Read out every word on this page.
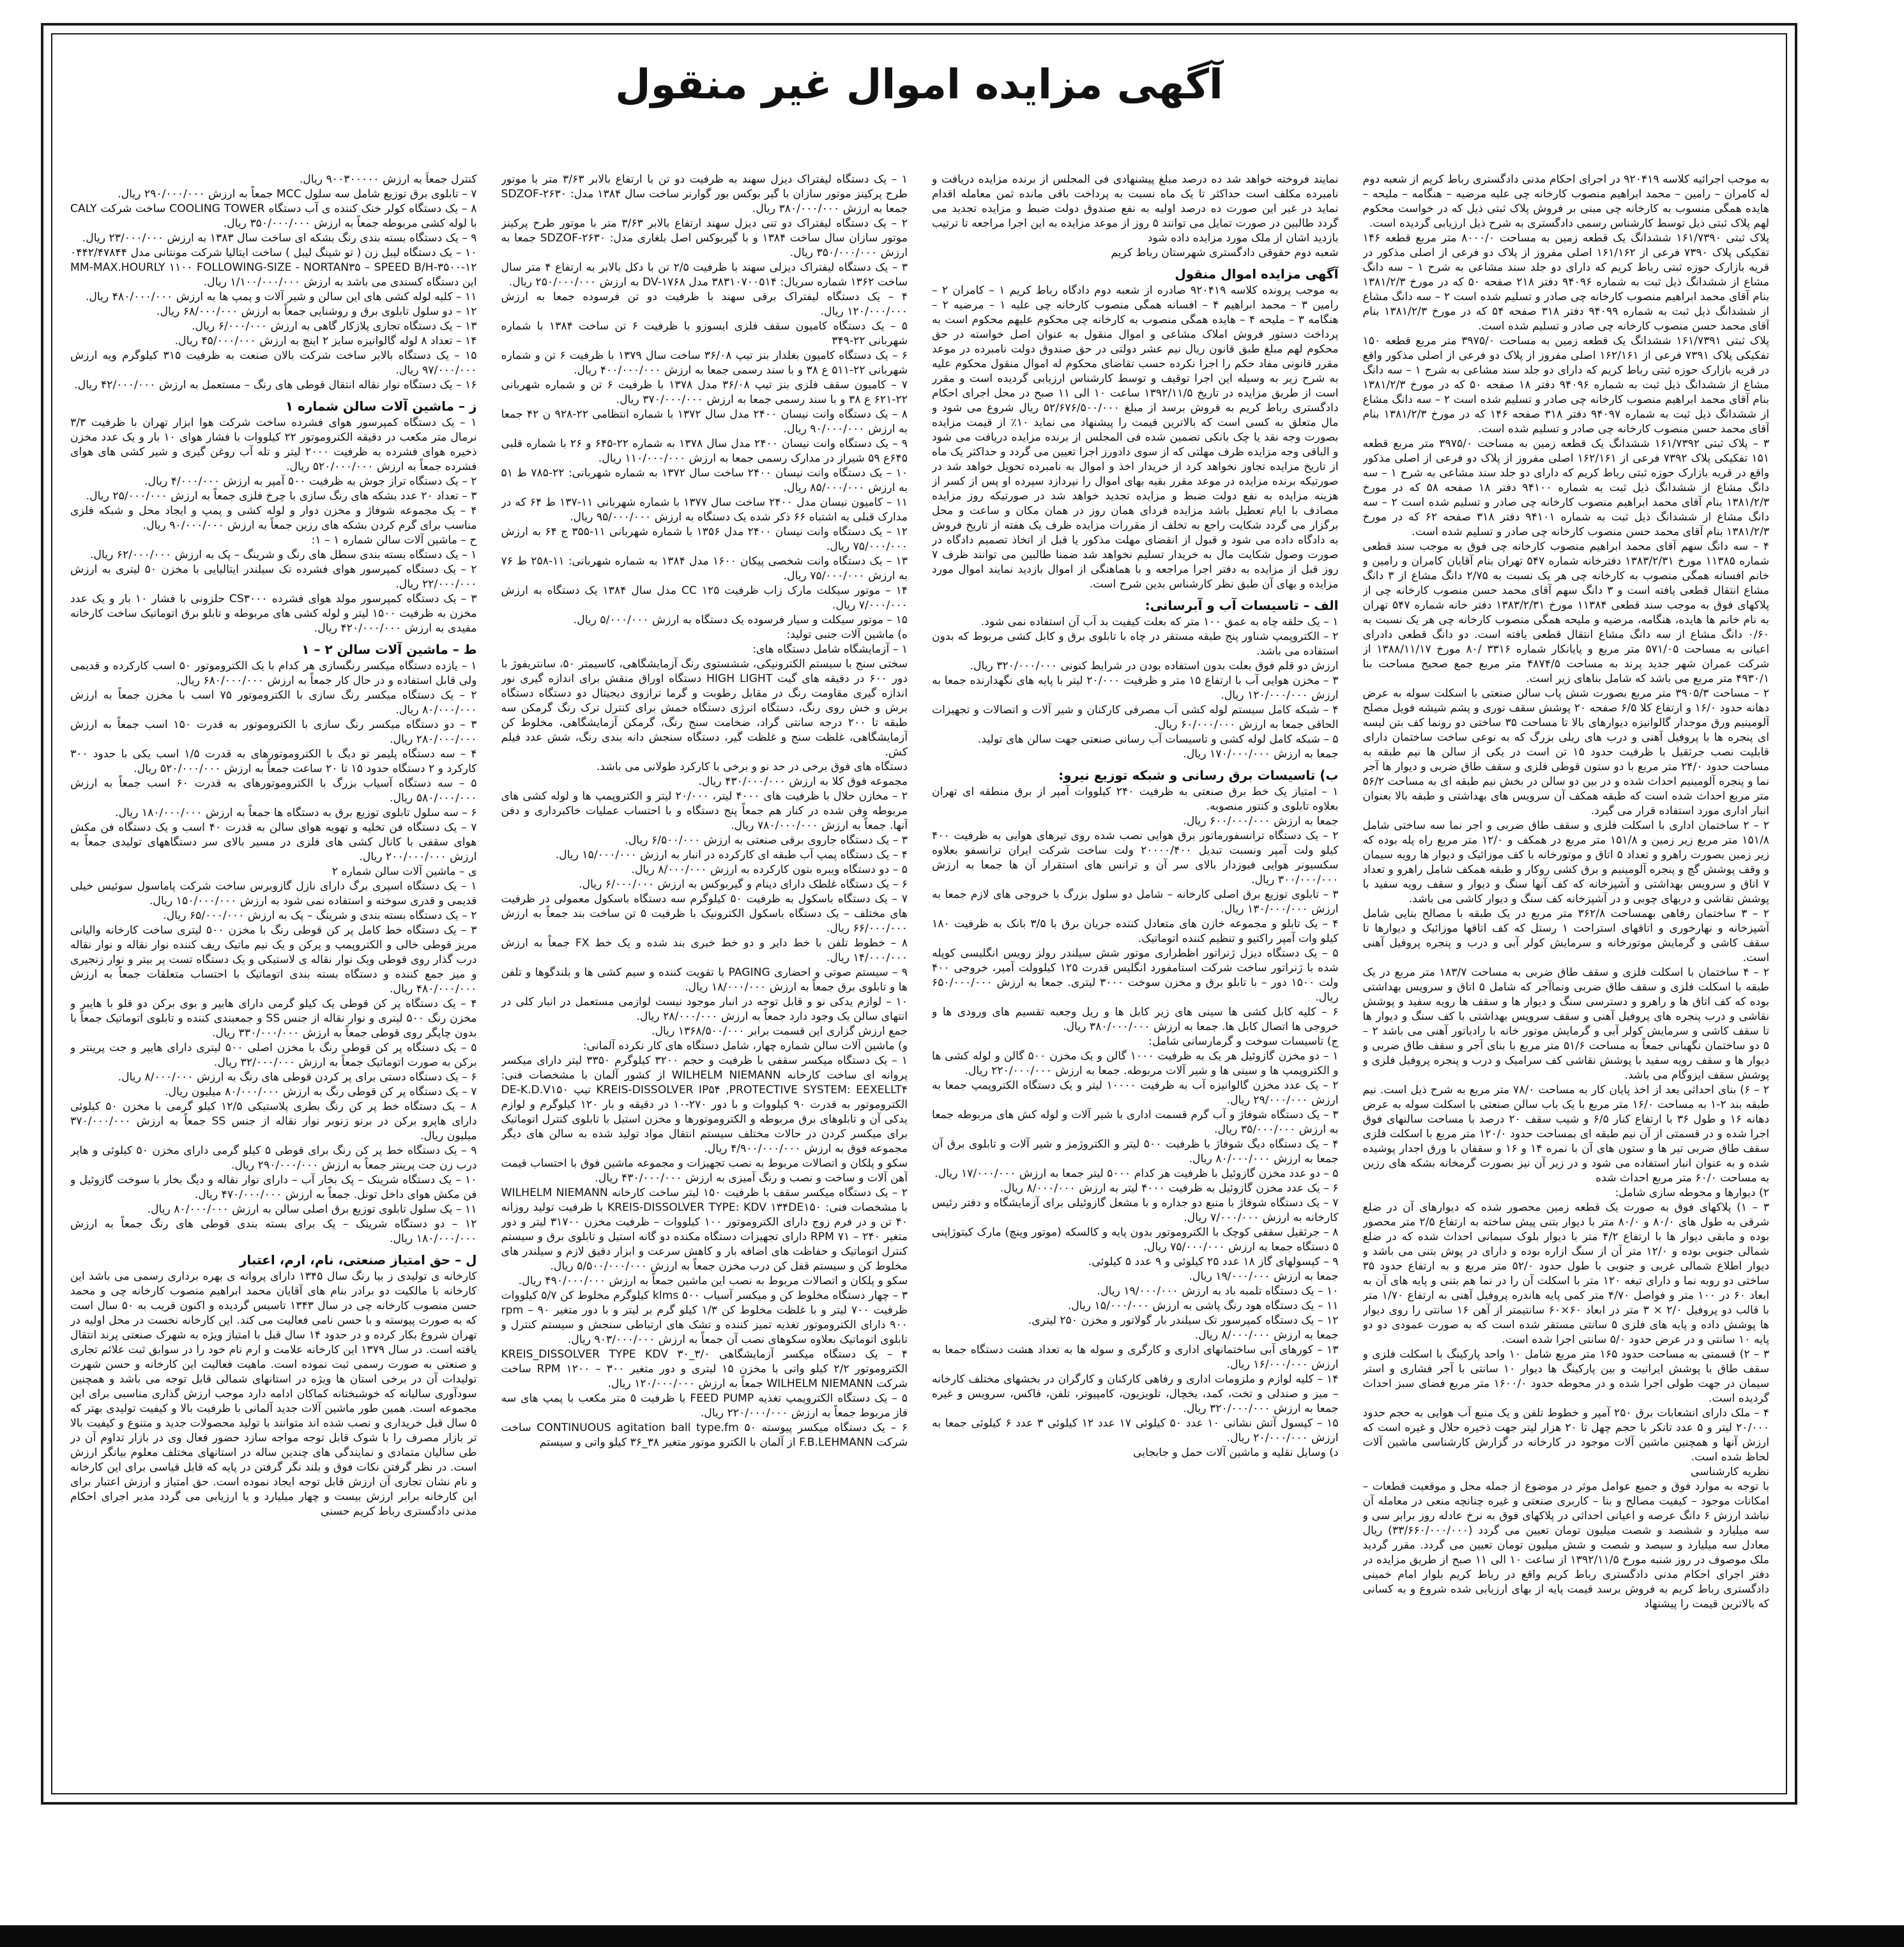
آگهی مزایده اموال غیر منقول

به موجب اجرائیه کلاسه ۹۲۰۴۱۹ در اجرای احکام مدنی دادگستری رباط کریم از شعبه دوم له کامران – رامین – محمد ابراهیم منصوب کارخانه چی علیه مرضیه – هنگامه – ملیحه – هایده همگی منسوب به کارخانه چی مبنی بر فروش پلاک ثبتی ذیل که در خواست محکوم لهم پلاک ثبتی ذیل توسط کارشناس رسمی دادگستری به شرح ذیل ارزیابی گردیده است.

پلاک ثبتی ۱۶۱/۷۳۹۰ ششدانگ یک قطعه زمین به مساحت ۸۰۰۰/۰ متر مربع قطعه ۱۴۶ تفکیکی پلاک ۷۳۹۰ فرعی از ۱۶۱/۱۶۲ اصلی مفروز از پلاک دو فرعی از اصلی مذکور در قریه بازارک حوزه ثبتی رباط کریم که دارای دو جلد سند مشاعی به شرح ۱ – سه دانگ مشاع از ششدانگ ذیل ثبت به شماره ۹۴۰۹۶ دفتر ۲۱۸ صفحه ۵۰ که در مورخ ۱۳۸۱/۲/۳ بنام آقای محمد ابراهیم منصوب کارخانه چی صادر و تسلیم شده است ۲ – سه دانگ مشاع از ششدانگ ذیل ثبت به شماره ۹۴۰۹۹ دفتر ۳۱۸ صفحه ۵۴ که در مورخ ۱۳۸۱/۲/۳ بنام آقای محمد حسن منصوب کارخانه چی صادر و تسلیم شده است.

پلاک ثبتی ۱۶۱/۷۳۹۱ ششدانگ یک قطعه زمین به مساحت ۳۹۷۵/۰ متر مربع قطعه ۱۵۰ تفکیکی پلاک ۷۳۹۱ فرعی از ۱۶۲/۱۶۱ اصلی مفروز از پلاک دو فرعی از اصلی مذکور واقع در قریه بازارک حوزه ثبتی رباط کریم که دارای دو جلد سند مشاعی به شرح ۱ – سه دانگ مشاع از ششدانگ ذیل ثبت به شماره ۹۴۰۹۶ دفتر ۱۸ صفحه ۵۰ که در مورخ ۱۳۸۱/۲/۳ بنام آقای محمد ابراهیم منصوب کارخانه چی صادر و تسلیم شده است ۲ – سه دانگ مشاع از ششدانگ ذیل ثبت به شماره ۹۴۰۹۷ دفتر ۳۱۸ صفحه ۱۴۶ که در مورخ ۱۳۸۱/۲/۳ بنام آقای محمد حسن منصوب کارخانه چی صادر و تسلیم شده است.

۳ – پلاک ثبتی ۱۶۱/۷۳۹۲ ششدانگ یک قطعه زمین به مساحت ۳۹۷۵/۰ متر مربع قطعه ۱۵۱ تفکیکی پلاک ۷۳۹۲ فرعی از ۱۶۲/۱۶۱ اصلی مفروز از پلاک دو فرعی از اصلی مذکور واقع در قریه بازارک حوزه ثبتی رباط کریم که دارای دو جلد سند مشاعی به شرح ۱ – سه دانگ مشاع از ششدانگ ذیل ثبت به شماره ۹۴۱۰۰ دفتر ۱۸ صفحه ۵۸ که در مورخ ۱۳۸۱/۲/۳ بنام آقای محمد ابراهیم منصوب کارخانه چی صادر و تسلیم شده است ۲ – سه دانگ مشاع از ششدانگ ذیل ثبت به شماره ۹۴۱۰۱ دفتر ۳۱۸ صفحه ۶۲ که در مورخ ۱۳۸۱/۲/۳ بنام آقای محمد حسن منصوب کارخانه چی صادر و تسلیم شده است.

۴ – سه دانگ سهم آقای محمد ابراهیم منصوب کارخانه چی فوق به موجب سند قطعی شماره ۱۱۳۸۵ مورخ ۱۳۸۳/۲/۳۱ دفترخانه شماره ۵۴۷ تهران بنام آقایان کامران و رامین و خانم افسانه همگی منصوب به کارخانه چی هر یک نسبت به ۲/۷۵ دانگ مشاع از ۳ دانگ مشاع انتقال قطعی یافته است و ۳ دانگ سهم آقای محمد حسن منصوب کارخانه چی از پلاکهای فوق به موجب سند قطعی ۱۱۳۸۴ مورخ ۱۳۸۳/۲/۳۱ دفتر خانه شماره ۵۴۷ تهران به نام خانم ها هایده، هنگامه، مرضیه و ملیحه همگی منصوب کارخانه چی هر یک نسبت به ۰/۶۰ دانگ مشاع از سه دانگ مشاع انتقال قطعی یافته است. دو دانگ قطعی دادرای اعیانی به مساحت ۵۷۱/۰۵ متر مربع و پایانکار شماره ۳۳۱۶ /۸۰ مورخ ۱۳۸۸/۱۱/۱۷ از شرکت عمران شهر جدید پرند به مساحت ۴۸۷۴/۵ متر مربع جمع صحیح مساحت بنا ۴۹۳۰/۱ متر مربع می باشد که شامل بناهای زیر است.

۲ – مساحت ۳۹۰۵/۳ متر مربع بصورت شش پاب سالن صنعتی با اسکلت سوله به عرض دهانه حدود ۱۶/۰ و ارتفاع کلا ۶/۵ صفحه ۲۰ پوشش سقف نوری و پشم شیشه فویل مصلح آلومینیم ورق موجدار گالوانیزه دیوارهای بالا تا مساحت ۳۵ ساختی دو رونما کف بتن لیسه ای پنجره ها با پروفیل آهنی و درب های ریلی بزرگ که به نوعی ساخت ساختمان دارای قابلیت نصب جرثقیل با ظرفیت حدود ۱۵ تن است در یکی از سالن ها نیم طبقه به مساحت حدود ۲۴/۰ متر مربع با دو ستون قوطی فلزی و سقف طاق ضربی و دیوار ها آجر نما و پنجره آلومینیم احداث شده و در بین دو سالن در بخش نیم طبقه ای به مساحت ۵۶/۲ متر مربع احداث شده است که طبقه همکف آن سرویس های بهداشتی و طبقه بالا بعنوان انبار اداری مورد استفاده قرار می گیرد.

۲ – ۲ ساختمان اداری با اسکلت فلزی و سقف طاق ضربی و اجر نما سه ساختی شامل ۱۵۱/۸ متر مربع زیر زمین و ۱۵۱/۸ متر مربع در همکف و ۱۲/۰ متر مربع راه پله بوده که زیر زمین بصورت راهرو و تعداد ۵ اتاق و موتورخانه با کف موزائیک و دیوار ها رویه سیمان و وقف پوشش گچ و پنجره آلومینیم و برق کشی روکار و طبقه همکف شامل راهرو و تعداد ۷ اتاق و سرویس بهداشتی و آشپزخانه که کف آنها سنگ و دیوار و سقف رویه سفید با پوشش نقاشی و دربهای چوبی و در آشپزخانه کف سنگ و دیوار کاشی می باشد.

۲ – ۳ ساختمان رفاهی بهمساحت ۳۶۲/۸ متر مربع در یک طبقه با مصالح بنایی شامل آشپزخانه و نهارخوری و اتاقهای استراحت ۱ رستل که کف اتاقها موزائیک و دیوارها تا سقف کاشی و گرمایش موتورخانه و سرمایش کولر آبی و درب و پنجره پروفیل آهنی است.

۲ – ۴ ساختمان با اسکلت فلزی و سقف طاق ضربی به مساحت ۱۸۳/۷ متر مربع در یک طبقه با اسکلت فلزی و سقف طاق ضربی ونماآجر که شامل ۵ اتاق و سرویس بهداشتی بوده که کف اتاق ها و راهرو و دسترسی سنگ و دیوار ها و سقف ها رویه سفید و پوشش نقاشی و درب پنجره های پروفیل آهنی و سقف سرویس بهداشتی با کف سنگ و دیوار ها تا سقف کاشی و سرمایش کولر آبی و گرمایش موتور خانه با رادیاتور آهنی می باشد ۲ – ۵ دو ساختمان نگهبانی جمعاً به مساحت ۵۱/۶ متر مربع با بنای آجر و سقف طاق ضربی و دیوار ها و سقف رویه سفید با پوشش نقاشی کف سرامیک و درب و پنجره پروفیل فلزی و پوشش سقف ایزوگام می باشد.

۲ – ۶) بنای احداثی بعد از اخذ پایان کار به مساحت ۷۸/۰ متر مربع به شرح ذیل است. نیم طبقه بند ۲-۱ به مساحت ۱۶/۰ متر مربع با یک باب سالن صنعتی با اسکلت سوله به عرض دهانه ۱۶ و طول ۳۶ با ارتفاع کنار ۶/۵ و شیب سقف ۲۰ درصد با مساحت سالنهای فوق اجرا شده و در قسمتی از آن نیم طبقه ای بمساحت حدود ۱۲۰/۰ متر مربع با اسکلت فلزی سقف طاق ضربی تیر ها و ستون های آن با نمره ۱۴ و ۱۶ و سقفان با ورق اجدار پوشیده شده و به عنوان انبار استفاده می شود و در زیر آن نیز بصورت گرمخانه بشکه های رزین به مساحت ۶۰/۰ متر مربع احداث شده

۲) دیوارها و محوطه سازی شامل:

۳ – ۱) پلاکهای فوق به صورت یک قطعه زمین محصور شده که دیوارهای آن در ضلع شرقی به طول های ۸۰/۰ و ۸۰/۰ متر با دیوار بتنی پیش ساخته به ارتفاع ۲/۵ متر محصور بوده و مابقی دیوار ها با ارتفاع ۴/۲ متر با دیوار بلوک سیمانی احداث شده که در ضلع شمالی جنوبی بوده و ۱۲/۰ متر آن از سنگ ازاره بوده و دارای در پوش بتنی می باشد و دیوار اطلاع شمالی غربی و جنوبی با طول حدود ۵۲/۰ متر مربع و به ارتفاع حدود ۳۵ ساختی دو روبه نما و دارای تیغه ۱۲۰ متر با اسکلت آن را در نما هم بتنی و پایه های آن به ابعاد ۶۰ در ۱۰۰ متر و فواصل ۴/۷۰ متر کمی پایه هاندره پروفیل آهنی به ارتفاع ۱/۷۰ متر با قالب دو پروفیل ۲/۰ × ۳ متر در ابعاد ۶۰×۶۰ سانتیمتر از آهن ۱۶ سانتی را روی دیوار ها پوشش داده و پایه های فلزی ۵ سانتی مستقر شده است که به صورت عمودی دو دو پایه ۱۰ سانتی و در عرض حدود ۵/۰ سانتی اجرا شده است.

۳ – ۲) قسمتی به مساحت حدود ۱۶۵ متر مربع شامل ۱۰ واحد پارکینگ با اسکلت فلزی و سقف طاق با پوشش ایرانیت و بین پارکینگ ها دیوار ۱۰ سانتی با آجر فشاری و استر سیمان در جهت طولی اجرا شده و در محوطه حدود ۱۶۰۰/۰ متر مربع فضای سبز احداث گردیده است.

۴ – ملک دارای انشعابات برق ۲۵۰ آمپر و خطوط تلفن و یک منبع آب هوایی به حجم حدود ۲۰/۰۰۰ لیتر و ۵ عدد تانکر با حجم چهل تا ۲۰ هزار لیتر جهت ذخیره حلال و غیره است که ارزش آنها و همچنین ماشین آلات موجود در کارخانه در گزارش کارشناسی ماشین آلات لحاظ شده است.

نظریه کارشناسی

با توجه به موارد فوق و جمیع عوامل موثر در موضوع از جمله محل و موقعیت قطعات – امکانات موجود – کیفیت مصالح و بنا – کاربری صنعتی و غیره چنانچه منعی در معامله آن نباشد ارزش ۶ دانگ عرصه و اعیانی احداثی در پلاکهای فوق به نرخ عادله روز برابر سی و سه میلیارد و ششصد و شصت میلیون تومان تعیین می گردد (۳۳/۶۶۰/۰۰۰/۰۰۰) ریال معادل سه میلیارد و سیصد و شصت و شش میلیون تومان تعیین می گردد. مقرر گردید ملک موصوف در روز شنبه مورخ ۱۳۹۲/۱۱/۵ از ساعت ۱۰ الی ۱۱ صبح از طریق مزایده در دفتر اجرای احکام مدنی دادگستری رباط کریم واقع در رباط کریم بلوار امام خمینی دادگستری رباط کریم به فروش برسد قیمت پایه از بهای ارزیابی شده شروع و به کسانی که بالاترین قیمت را پیشنهاد

نمایند فروخته خواهد شد ده درصد مبلغ پیشنهادی فی المجلس از برنده مزایده دریافت و نامبرده مکلف است حداکثر تا یک ماه نسبت به پرداخت باقی مانده ثمن معامله اقدام نماید در غیر این صورت ده درصد اولیه به نفع صندوق دولت ضبط و مزایده تجدید می گردد طالبین در صورت تمایل می توانند ۵ روز از موعد مزایده به این اجرا مراجعه تا ترتیب بازدید اشان از ملک مورد مزایده داده شود

شعبه دوم حقوقی دادگستری شهرستان رباط کریم

آگهی مزایده اموال منقول

به موجب پرونده کلاسه ۹۲۰۴۱۹ صادره از شعبه دوم دادگاه رباط کریم ۱ – کامران ۲ – رامین ۳ – محمد ابراهیم ۴ – افسانه همگی منصوب کارخانه چی علیه ۱ – مرضیه ۲ – هنگامه ۳ – ملیحه ۴ – هایده همگی منصوب به کارخانه چی محکوم علیهم محکوم است به پرداخت دستور فروش املاک مشاعی و اموال منقول به عنوان اصل خواسته در حق محکوم لهم مبلغ طبق قانون ریال نیم عشر دولتی در حق صندوق دولت نامبرده در موعد مقرر قانونی مفاد حکم را اجرا نکرده حسب تقاضای محکوم له اموال منقول محکوم علیه به شرح زیر به وسیله این اجرا توقیف و توسط کارشناس ارزیابی گردیده است و مقرر است از طریق مزایده در تاریخ ۱۳۹۲/۱۱/۵ ساعت ۱۰ الی ۱۱ صبح در محل اجرای احکام دادگستری رباط کریم به فروش برسد از مبلغ ۵۲/۶۷۶/۵۰۰/۰۰۰ ریال شروع می شود و مال متعلق به کسی است که بالاترین قیمت را پیشنهاد می نماید ۱۰٪ از قیمت مزایده بصورت وجه نقد یا چک بانکی تضمین شده فی المجلس از برنده مزایده دریافت می شود و الباقی وجه مزایده ظرف مهلتی که از سوی دادورز اجرا تعیین می گردد و حداکثر یک ماه از تاریخ مزایده تجاوز نخواهد کرد از خریدار اخذ و اموال به نامبرده تحویل خواهد شد در صورتیکه برنده مزایده در موعد مقرر بقیه بهای اموال را نپردازد سپرده او پس از کسر از هزینه مزایده به نفع دولت ضبط و مزایده تجدید خواهد شد در صورتیکه روز مزایده مصادف با ایام تعطیل باشد مزایده فردای همان روز در همان مکان و ساعت و محل برگزار می گردد شکایت راجع به تخلف از مقررات مزایده ظرف یک هفته از تاریخ فروش به دادگاه داده می شود و قبول از انقضای مهلت مذکور یا قبل از اتخاذ تصمیم دادگاه در صورت وصول شکایت مال به خریدار تسلیم نخواهد شد ضمنا طالبین می توانند ظرف ۷ روز قبل از مزایده به دفتر اجرا مراجعه و با هماهنگی از اموال بازدید نمایند اموال مورد مزایده و بهای آن طبق نظر کارشناس بدین شرح است.

الف – تاسیسات آب و آبرسانی:

۱ – یک حلقه چاه به عمق ۱۰۰ متر که بعلت کیفیت بد آب آن استفاده نمی شود.

۲ – الکتروپمپ شناور پنج طبقه مستقر در چاه با تابلوی برق و کابل کشی مربوط که بدون استفاده می باشد.

ارزش دو قلم فوق بعلت بدون استفاده بودن در شرایط کنونی ۳۲۰/۰۰۰/۰۰۰ ریال.

۳ – مخزن هوایی آب با ارتفاع ۱۵ متر و ظرفیت ۲۰/۰۰۰ لیتر با پایه های نگهدارنده جمعا به ارزش ۱۲۰/۰۰۰/۰۰۰ ریال.

۴ – شبکه کامل سیستم لوله کشی آب مصرفی کارکنان و شیر آلات و اتصالات و تجهیزات الحاقی جمعا به ارزش ۶۰/۰۰۰/۰۰۰ ریال.

۵ – شبکه کامل لوله کشی و تاسیسات آب رسانی صنعتی جهت سالن های تولید.

جمعا به ارزش ۱۷۰/۰۰۰/۰۰۰ ریال.

ب) تاسیسات برق رسانی و شبکه توزیع نیرو:

۱ – امتیاز یک خط برق صنعتی به ظرفیت ۲۴۰ کیلووات آمپر از برق منطقه ای تهران بعلاوه تابلوی و کنتور منصوبه.

جمعا به ارزش ۶۰۰/۰۰۰/۰۰۰ ریال.

۲ – یک دستگاه ترانسفورماتور برق هوایی نصب شده روی تیرهای هوایی به ظرفیت ۴۰۰ کیلو ولت آمپر ونسبت تبدیل ۲۰۰۰۰/۴۰۰ ولت ساخت شرکت ایران ترانسفو بعلاوه سکسیونر هوایی فیوزدار بالای سر آن و ترانس های استقرار آن ها جمعا به ارزش ۳۰۰/۰۰۰/۰۰۰ ریال.

۳ – تابلوی توزیع برق اصلی کارخانه – شامل دو سلول بزرگ با خروجی های لازم جمعا به ارزش ۱۳۰/۰۰۰/۰۰۰ ریال.

۴ – یک تابلو و مجموعه خازن های متعادل کننده جریان برق با ۳/۵ بانک به ظرفیت ۱۸۰ کیلو وات آمپر راکتیو و تنظیم کننده اتوماتیک.

۵ – یک دستگاه دیزل ژنراتور اظطراری موتور شش سیلندر رولز رویس انگلیسی کوپله شده با ژنراتور ساخت شرکت استامفورد انگلیس قدرت ۱۲۵ کیلوولت آمپر، خروجی ۴۰۰ ولت ۱۵۰۰ دور – با تابلو برق و مخزن سوخت ۳۰۰۰ لیتری. جمعا به ارزش ۶۵۰/۰۰۰/۰۰۰ ریال.

۶ – کلیه کابل کشی ها سینی های زیر کابل ها و ریل وجعبه تقسیم های ورودی ها و خروجی ها اتصال کابل ها. جمعا به ارزش ۳۸۰/۰۰۰/۰۰۰ ریال.

ج) تاسیسات سوخت و گرمارسانی شامل:

۱ – دو مخزن گازوئیل هر یک به ظرفیت ۱۰۰۰ گالن و یک مخزن ۵۰۰ گالن و لوله کشی ها و الکتروپمپ ها و سینی ها و شیر آلات مربوطه. جمعا به ارزش ۲۲۰/۰۰۰/۰۰۰ ریال.

۲ – یک عدد مخزن گالوانیزه آب به ظرفیت ۱۰۰۰۰ لیتر و یک دستگاه الکتروپمپ جمعا به ارزش ۲۹/۰۰۰/۰۰۰ ریال.

۳ – یک دستگاه شوفاژ و آب گرم قسمت اداری با شیر آلات و لوله کش های مربوطه جمعا به ارزش ۳۵/۰۰۰/۰۰۰ ریال.

۴ – یک دستگاه دیگ شوفاژ با ظرفیت ۵۰۰ لیتر و الکتروژمز و شیر آلات و تابلوی برق آن جمعا به ارزش ۸۰/۰۰۰/۰۰۰ ریال.

۵ – دو عدد مخزن گازوئیل با ظرفیت هر کدام ۵۰۰۰ لیتر جمعا به ارزش ۱۷/۰۰۰/۰۰۰ ریال.

۶ – یک عدد مخزن گازوئیل به ظرفیت ۴۰۰۰ لیتر به ارزش ۸/۰۰۰/۰۰۰ ریال.

۷ – یک دستگاه شوفاژ با منبع دو جداره و با مشعل گازوئیلی برای آزمایشگاه و دفتر رئیس کارخانه به ارزش ۷/۰۰۰/۰۰۰ ریال.

۸ – جرثقیل سقفی کوچک با الکتروموتور بدون پایه و کالسکه (موتور وینچ) مارک کیتوژاپنی ۵ دستگاه جمعا به ارزش ۷۵/۰۰۰/۰۰۰ ریال.

۹ – کپسولهای گاز ۱۸ عدد ۲۵ کیلوئی و ۹ عدد ۵ کیلوئی.

جمعا به ارزش ۱۹/۰۰۰/۰۰۰ ریال.

۱۰ – یک دستگاه تلمبه باد به ارزش ۱۹/۰۰۰/۰۰۰ ریال.

۱۱ – یک دستگاه هود رنگ پاشی به ارزش ۱۵/۰۰۰/۰۰۰ ریال.

۱۲ – یک دستگاه کمپرسور تک سیلندر بار گولاتور و مخزن ۲۵۰ لیتری.

جمعا به ارزش ۸/۰۰۰/۰۰۰ ریال.

۱۳ – کورهای آبی ساختمانهای اداری و کارگری و سوله ها به تعداد هشت دستگاه جمعا به ارزش ۱۶/۰۰۰/۰۰۰ ریال.

۱۴ – کلیه لوازم و ملزومات اداری و رفاهی کارکنان و کارگران در بخشهای مختلف کارخانه – میز و صندلی و تخت، کمد، یخچال، تلویزیون، کامپیوتر، تلفن، فاکس، سرویس و غیره جمعا به ارزش ۳۲۰/۰۰۰/۰۰۰ ریال.

۱۵ – کپسول آتش نشانی ۱۰ عدد ۵۰ کیلوئی ۱۷ عدد ۱۲ کیلوئی ۳ عدد ۶ کیلوئی جمعا به ارزش ۲۰/۰۰۰/۰۰۰ ریال.

د) وسایل نقلیه و ماشین آلات حمل و جابجایی

۱ – یک دستگاه لیفتراک دیزل سهند به ظرفیت دو تن با ارتفاع بالابر ۳/۶۳ متر با موتور طرح پرکینز موتور سازان با گیر بوکس بور گوارنر ساخت سال ۱۳۸۴ مدل: ۲۶۳۰-SDZOF جمعا به ارزش ۳۸۰/۰۰۰/۰۰۰ ریال.

۲ – یک دستگاه لیفتراک دو تنی دیزل سهند ارتفاع بالابر ۳/۶۳ متر با موتور طرح پرکینز موتور سازان سال ساخت ۱۳۸۴ و با گیربوکس اصل بلغاری مدل: ۲۶۳۰-SDZOF جمعا به ارزش ۳۵۰/۰۰۰/۰۰۰ ریال.

۳ – یک دستگاه لیفتراک دیزلی سهند با ظرفیت ۲/۵ تن با دکل بالابر به ارتفاع ۴ متر سال ساخت ۱۳۶۲ شماره سریال: ۳۸۳۱۰۷۰۰۵۱۴ مدل DV-۱۷۶۸ به ارزش ۲۵۰/۰۰۰/۰۰۰ ریال.

۴ – یک دستگاه لیفتراک برقی سهند با ظرفیت دو تن فرسوده جمعا به ارزش ۱۲۰/۰۰۰/۰۰۰ ریال.

۵ – یک دستگاه کامیون سقف فلزی ایسوزو با ظرفیت ۶ تن ساخت ۱۳۸۴ با شماره شهربانی ۲۲-۳۴۹

۶ – یک دستگاه کامیون بغلدار بنز تیپ ۳۶/۰۸ ساخت سال ۱۳۷۹ با ظرفیت ۶ تن و شماره شهربانی ۲۲-۵۱۱ ع ۳۸ و با سند رسمی جمعا به ارزش ۴۰۰/۰۰۰/۰۰۰ ریال.

۷ – کامیون سقف فلزی بنز تیپ ۳۶/۰۸ مدل ۱۳۷۸ با ظرفیت ۶ تن و شماره شهربانی ۲۲-۶۲۱ ع ۳۸ و با سند رسمی جمعا به ارزش ۳۷۰/۰۰۰/۰۰۰ ریال.

۸ – یک دستگاه وانت نیسان ۲۴۰۰ مدل سال ۱۳۷۲ با شماره انتظامی ۲۲-۹۲۸ ن ۴۲ جمعا به ارزش ۹۰/۰۰۰/۰۰۰ ریال.

۹ – یک دستگاه وانت نیسان ۲۴۰۰ مدل سال ۱۳۷۸ به شماره ۲۲-۶۴۵ و ۲۶ با شماره قلبی ۶۴۵ع ۵۹ شیراز در مدارک رسمی جمعا به ارزش ۱۱۰/۰۰۰/۰۰۰ ریال.

۱۰ – یک دستگاه وانت نیسان ۲۴۰۰ ساخت سال ۱۳۷۲ به شماره شهربانی: ۲۲-۷۸۵ ط ۵۱ به ارزش ۸۵/۰۰۰/۰۰۰ ریال.

۱۱ – کامیون نیسان مدل ۲۴۰۰ ساخت سال ۱۳۷۷ با شماره شهربانی ۱۱-۱۳۷ ط ۶۴ که در مدارک قبلی به اشتباه ۶۶ ذکر شده یک دستگاه به ارزش ۹۵/۰۰۰/۰۰۰ ریال.

۱۲ – یک دستگاه وانت نیسان ۲۴۰۰ مدل ۱۳۵۶ با شماره شهربانی ۱۱-۳۵۵ ج ۶۴ به ارزش ۷۵/۰۰۰/۰۰۰ ریال.

۱۳ – یک دستگاه وانت شخصی پیکان ۱۶۰۰ مدل ۱۳۸۴ به شماره شهربانی: ۱۱-۲۵۸ ط ۷۶ به ارزش ۷۵/۰۰۰/۰۰۰ ریال.

۱۴ – موتور سیکلت مارک زاب ظرفیت ۱۲۵ CC مدل سال ۱۳۸۴ یک دستگاه به ارزش ۷/۰۰۰/۰۰۰ ریال.

۱۵ – موتور سیکلت و سیار فرسوده یک دستگاه به ارزش ۵/۰۰۰/۰۰۰ ریال.

ه) ماشین آلات جنبی تولید:

۱ – آزمایشگاه شامل دستگاه های:

سختی سنج با سیستم الکترونیکی، ششستوی رنگ آزمایشگاهی، کاسیمتر ۵۰، سانتریفوژ با دور ۶۰۰ در دقیقه های گیت HIGH LIGHT دستگاه اوراق منقش برای اندازه گیری نور اندازه گیری مقاومت رنگ در مقابل رطوبت و گرما ترازوی دیجیتال دو دستگاه دستگاه برش و خش روی رنگ، دستگاه انرژی دستگاه خمش برای کنترل ترک رنگ گرمکن سه طبقه تا ۲۰۰ درجه سانتی گراد، ضخامت سنج رنگ، گرمکن آزمایشگاهی، مخلوط کن آزمایشگاهی، غلظت سنج و غلظت گیر، دستگاه سنجش دانه بندی رنگ، شش عدد فیلم کش.

دستگاه های فوق برخی در حد نو و برخی با کارکرد طولانی می باشد.

مجموعه فوق کلا به ارزش ۴۳۰/۰۰۰/۰۰۰ ریال.

۲ – مخازن حلال با ظرفیت های ۴۰۰۰ لیتر، ۲۰/۰۰۰ لیتر و الکتروپمپ ها و لوله کشی های مربوطه وفن شده در کنار هم جمعاً پنج دستگاه و با احتساب عملیات خاکبرداری و دفن آنها. جمعاً به ارزش ۷۸۰/۰۰۰/۰۰۰ ریال.

۳ – یک دستگاه جاروی برقی صنعتی به ارزش ۶/۵۰۰/۰۰۰ ریال.

۴ – یک دستگاه پمپ آب طبقه ای کارکرده در انبار به ارزش ۱۵/۰۰۰/۰۰۰ ریال.

۵ – دو دستگاه ویبره بتون کارکرده به ارزش ۸/۰۰۰/۰۰۰ ریال.

۶ – یک دستگاه غلطک دارای دینام و گیربوکس به ارزش ۶/۰۰۰/۰۰۰ ریال.

۷ – یک دستگاه باسکول به ظرفیت ۵۰ کیلوگرم سه دستگاه باسکول معمولی در ظرفیت های مختلف – یک دستگاه باسکول الکترونیک با ظرفیت ۵ تن ساخت بند جمعاً به ارزش ۶۶/۰۰۰/۰۰۰ ریال.

۸ – خطوط تلفن با خط دایر و دو خط خبری بند شده و یک خط FX جمعاً به ارزش ۱۴/۰۰۰/۰۰۰ ریال.

۹ – سیستم صوتی و احضاری PAGING با تقویت کننده و سیم کشی ها و بلندگوها و تلفن ها و تابلوی برق جمعاً به ارزش ۱۸/۰۰۰/۰۰۰ ریال.

۱۰ – لوازم یدکی نو و قابل توجه در انبار موجود نیست لوازمی مستعمل در انبار کلی در انتهای سالن یک وجود دارد جمعاً به ارزش ۲۸/۰۰۰/۰۰۰ ریال.

جمع ارزش گزاری این قسمت برابر ۱۳۶۸/۵۰۰/۰۰۰ ریال.

و) ماشین آلات سالن شماره چهار، شامل دستگاه های کار نکرده آلمانی:

۱ – یک دستگاه میکسر سقفی با ظرفیت و حجم ۳۲۰۰ کیلوگرم ۳۳۵۰ لیتر دارای میکسر پروانه ای ساخت کارخانه WILHELM NIEMANN از کشور آلمان با مشخصات فنی: KREIS-DISSOLVER IP۵۴ ,PROTECTIVE SYSTEM: EEXELLT۴ تیپ DE-K.D.V۱۵۰ الکتروموتور به قدرت ۹۰ کیلووات و با دور ۲۷۰-۱۰ در دقیقه و بار ۱۲۰ کیلوگرم و لوازم یدکی آن و تابلوهای برق مربوطه و الکتروموتورها و مخزن استیل با تابلوی کنترل اتوماتیک برای میکسر کردن در حالات مختلف سیستم انتقال مواد تولید شده به سالن های دیگر مجموعه فوق به ارزش ۴/۹۰۰/۰۰۰/۰۰۰ ریال.

سکو و پلکان و اتصالات مربوط به نصب تجهیزات و مجموعه ماشین فوق با احتساب قیمت آهن آلات و ساخت و نصب و رنگ آمیزی به ارزش ۴۳۰/۰۰۰/۰۰۰ ریال.

۲ – یک دستگاه میکسر سقف با ظرفیت ۱۵۰ لیتر ساخت کارخانه WILHELM NIEMANN با مشخصات فنی: KREIS-DISSOLVER TYPE: KDV ۱۳۴DE۱۵۰ با ظرفیت تولید روزانه ۴۰ تن و در فرم زوج دارای الکتروموتور ۱۰۰ کیلووات – ظرفیت مخزن ۳۱۷۰۰ لیتر و دور متغیر ۲۴۰ – RPM ۷۱ دارای تجهیزات دستگاه مکنده دو گانه استیل و تابلوی برق و سیستم کنترل اتوماتیک و حفاظت های اضافه بار و کاهش سرعت و ابزار دقیق لازم و سیلندر های مخلوط کن و سیستم قفل کن درب مخزن جمعاً به ارزش ۵/۵۰۰/۰۰۰/۰۰۰ ریال.

سکو و پلکان و اتصالات مربوط به نصب این ماشین جمعاً به ارزش ۴۹۰/۰۰۰/۰۰۰ ریال.

۳ – چهار دستگاه مخلوط کن و میکسر آسیاب klms ۵۰۰ کیلوگرم مخلوط کن ۵/۷ کیلووات ظرفیت ۷۰۰ لیتر و با غلظت مخلوط کن ۱/۳ کیلو گرم بر لیتر و با دور متغیر ۹۰ – rpm ۹۰۰ دارای الکتروموتور تغذیه تمیز کننده و تشک های ارتباطی سنجش و سیستم کنترل و تابلوی اتوماتیک بعلاوه سکوهای نصب آن جمعاً به ارزش ۹۰۳/۰۰۰/۰۰۰ ریال.

۴ – یک دستگاه میکسر آزمایشگاهی KREIS_DISSOLVER TYPE KDV ۳۰_۳/۰ الکتروموتور ۲/۲ کیلو واتی با مخزن ۱۵ لیتری و دور متغیر ۳۰۰ – RPM ۱۲۰۰ ساخت شرکت WILHELM NIEMANN جمعاً به ارزش ۱۲۰/۰۰۰/۰۰۰ ریال.

۵ – یک دستگاه الکتروپمپ تغذیه FEED PUMP با ظرفیت ۵ متر مکعب با پمپ های سه فاز مربوط جمعاً به ارزش ۲۲۰/۰۰۰/۰۰۰ ریال.

۶ – یک دستگاه میکسر پیوسته ۵۰ CONTINUOUS agitation ball type.fm ساخت شرکت F.B.LEHMANN از آلمان با الکترو موتور متغیر ۳۸_۳۶ کیلو واتی و سیستم

کنترل جمعاً به ارزش ۹۰۰۳۰۰۰۰۰ ریال.

۷ – تابلوی برق توزیع شامل سه سلول MCC جمعاً به ارزش ۲۹۰/۰۰۰/۰۰۰ ریال.

۸ – یک دستگاه کولر خنک کننده ی آب دستگاه COOLING TOWER ساخت شرکت CALY با لوله کشی مربوطه جمعاً به ارزش ۳۵۰/۰۰۰/۰۰۰ ریال.

۹ – یک دستگاه بسته بندی رنگ بشکه ای ساخت سال ۱۳۸۳ به ارزش ۲۳/۰۰۰/۰۰۰ ریال.

۱۰ – یک دستگاه لیبل زن ( تو شینگ لیبل ) ساخت ایتالیا شرکت مونتانی مدل ۰۴۴۲/۴۷۸۴۴ ۱۲-MM-MAX.HOURLY ۱۱۰۰ FOLLOWING-SIZE - NORTAN۳۵ – SPEED B/H-۳۵۰۰ این دستگاه کسندی می باشد به ارزش ۱/۱۰۰/۰۰۰/۰۰۰ ریال.

۱۱ – کلیه لوله کشی های این سالن و شیر آلات و پمپ ها به ارزش ۴۸۰/۰۰۰/۰۰۰ ریال.

۱۲ – دو سلول تابلوی برق و روشنایی جمعاً به ارزش ۶۸/۰۰۰/۰۰۰ ریال.

۱۳ – یک دستگاه تجاری پلازکار گاهی به ارزش ۶/۰۰۰/۰۰۰ ریال.

۱۴ – تعداد ۸ لوله گالوانیزه سایز ۲ اینچ به ارزش ۴۵/۰۰۰/۰۰۰ ریال.

۱۵ – یک دستگاه بالابر ساخت شرکت بالان صنعت به ظرفیت ۳۱۵ کیلوگرم ویه ارزش ۹۷/۰۰۰/۰۰۰ ریال.

۱۶ – یک دستگاه نوار نقاله انتقال قوطی های رنگ – مستعمل به ارزش ۴۲/۰۰۰/۰۰۰ ریال.

ز – ماشین آلات سالن شماره ۱

۱ – یک دستگاه کمپرسور هوای فشرده ساخت شرکت هوا ابزار تهران با ظرفیت ۳/۳ نرمال متر مکعب در دقیقه الکتروموتور ۲۲ کیلووات با فشار هوای ۱۰ بار و یک عدد مخزن ذخیره هوای فشرده به ظرفیت ۲۰۰۰ لیتر و تله آب روغن گیری و شیر کشی های هوای فشرده جمعاً به ارزش ۵۲۰/۰۰۰/۰۰۰ ریال.

۲ – یک دستگاه تراز جوش به ظرفیت ۵۰۰ آمپر به ارزش ۴/۰۰۰/۰۰۰ ریال.

۳ – تعداد ۲۰ عدد بشکه های رنگ سازی با چرخ فلزی جمعاً به ارزش ۲۵/۰۰۰/۰۰۰ ریال.

۴ – یک مجموعه شوفاژ و مخزن دوار و لوله کشی و پمپ و ایجاد محل و شبکه فلزی مناسب برای گرم کردن بشکه های رزین جمعاً به ارزش ۹۰/۰۰۰/۰۰۰ ریال.

ح – ماشین آلات سالن شماره ۱ – ۱:

۱ – یک دستگاه بسته بندی سطل های رنگ و شرینگ – پک به ارزش ۶۲/۰۰۰/۰۰۰ ریال.

۲ – یک دستگاه کمپرسور هوای فشرده تک سیلندر ایتالیایی با مخزن ۵۰ لیتری به ارزش ۲۲/۰۰۰/۰۰۰ ریال.

۳ – یک دستگاه کمپرسور مولد هوای فشرده CS۳۰۰۰ حلزونی با فشار ۱۰ بار و یک عدد مخزن به ظرفیت ۱۵۰۰ لیتر و لوله کشی های مربوطه و تابلو برق اتوماتیک ساخت کارخانه مفیدی به ارزش ۴۲۰/۰۰۰/۰۰۰ ریال.

ط – ماشین آلات سالن ۲ – ۱

۱ – یازده دستگاه میکسر رنگسازی هر کدام با یک الکتروموتور ۵۰ اسب کارکرده و قدیمی ولی قابل استفاده و در حال کار جمعاً به ارزش ۶۸۰/۰۰۰/۰۰۰ ریال.

۲ – یک دستگاه میکسر رنگ سازی با الکتروموتور ۷۵ اسب با مخزن جمعاً به ارزش ۸۰/۰۰۰/۰۰۰ ریال.

۳ – دو دستگاه میکسر رنگ سازی با الکتروموتور به قدرت ۱۵۰ اسب جمعاً به ارزش ۲۸۰/۰۰۰/۰۰۰ ریال.

۴ – سه دستگاه پلیمر تو دیگ با الکتروموتورهای به قدرت ۱/۵ اسب یکی با حدود ۳۰۰ کارکرد و ۲ دستگاه حدود ۱۵ تا ۲۰ ساعت جمعاً به ارزش ۵۲۰/۰۰۰/۰۰۰ ریال.

۵ – سه دستگاه آسیاب بزرگ با الکتروموتورهای به قدرت ۶۰ اسب جمعاً به ارزش ۵۸۰/۰۰۰/۰۰۰ ریال.

۶ – سه سلول تابلوی توزیع برق به دستگاه ها جمعاً به ارزش ۱۸۰/۰۰۰/۰۰۰ ریال.

۷ – یک دستگاه فن تخلیه و تهویه هوای سالن به قدرت ۴۰ اسب و یک دستگاه فن مکش هوای سقفی با کانال کشی های فلزی در مسیر بالای سر دستگاههای تولیدی جمعاً به ارزش ۲۰۰/۰۰۰/۰۰۰ ریال.

ی – ماشین آلات سالن شماره ۲

۱ – یک دستگاه اسپری برگ دارای نازل گازوبرس ساخت شرکت پاماسول سوئیس خیلی قدیمی و قدری سوخته و استفاده نمی شود به ارزش ۱۵۰/۰۰۰/۰۰۰ ریال.

۲ – یک دستگاه بسته بندی و شرینگ – پک به ارزش ۶۵/۰۰۰/۰۰۰ ریال.

۳ – یک دستگاه خط کامل پر کن قوطی رنگ با مخزن ۵۰۰ لیتری ساخت کارخانه والیانی مریز قوطی خالی و الکتروپمپ و پرکن و یک نیم ماتیک ریف کننده نوار نقاله و نوار نقاله درب گذار روی قوطی ویک نوار نقاله ی لاستیکی و یک دستگاه تست پر بیتر و نوار زنجیری و میز جمع کننده و دستگاه بسته بندی اتوماتیک با احتساب متعلقات جمعاً به ارزش ۴۸۰/۰۰۰/۰۰۰ ریال.

۴ – یک دستگاه پر کن قوطی یک کیلو گرمی دارای هایپر و بوی برکن دو قلو با هایبر و مخزن رنگ ۵۰۰ لیتری و نوار نقاله از جنس SS و جمعبندی کننده و تابلوی اتوماتیک جمعاً با بدون چاپگر روی قوطی جمعاً به ارزش ۳۳۰/۰۰۰/۰۰۰ ریال.

۵ – یک دستگاه پر کن قوطی رنگ با مخزن اصلی ۵۰۰ لیتری دارای هایپر و جت پرینتر و برکن به صورت اتوماتیک جمعاً به ارزش ۳۲/۰۰۰/۰۰۰ ریال.

۶ – یک دستگاه دستی برای پر کردن قوطی های رنگ به ارزش ۸/۰۰۰/۰۰۰ ریال.

۷ – یک دستگاه پر کن قوطی رنگ به ارزش ۸۰/۰۰۰/۰۰۰ میلیون ریال.

۸ – یک دستگاه خط پر کن رنگ بطری پلاستیکی ۱۲/۵ کیلو گرمی با مخزن ۵۰ کیلوئی دارای هاپرو برکن در برنو زنوبر نوار نقاله از جنس SS جمعاً به ارزش ۳۷۰/۰۰۰/۰۰۰ میلیون ریال.

۹ – یک دستگاه خط پر کن رنگ برای قوطی ۵ کیلو گرمی دارای مخزن ۵۰ کیلوئی و هاپر درب زن جت پرینتر جمعاً به ارزش ۲۹۰/۰۰۰/۰۰۰ ریال.

۱۰ – یک دستگاه شرینک – پک بخار آب – دارای نوار نقاله و دیگ بخار با سوخت گازوئیل و فن مکش هوای داخل تونل. جمعاً به ارزش ۴۷۰/۰۰۰/۰۰۰ ریال.

۱۱ – یک سلول تابلوی توزیع برق اصلی سالن به ارزش ۸۰/۰۰۰/۰۰۰ ریال.

۱۲ – دو دستگاه شرینک – پک برای بسته بندی قوطی های رنگ جمعاً به ارزش ۱۸۰/۰۰۰/۰۰۰ ریال.

ل – حق امتیاز صنعتی، نام، ارم، اعتبار

کارخانه ی تولیدی ز بیا رنگ سال ۱۳۴۵ دارای پروانه ی بهره برداری رسمی می باشد این کارخانه با مالکیت دو برادر بنام های آقایان محمد ابراهیم منصوب کارخانه چی و محمد حسن منصوب کارخانه چی در سال ۱۳۴۳ تاسیس گردیده و اکنون قریب به ۵۰ سال است که به صورت پیوسته و با حسن نامی فعالیت می کند. این کارخانه نخست در محل اولیه در تهران شروع بکار کرده و در حدود ۱۴ سال قبل با امتیاز ویژه به شهرک صنعتی پرند انتقال یافته است. در سال ۱۳۷۹ این کارخانه علامت و ارم نام خود را در سوابق ثبت علائم تجاری و صنعتی به صورت رسمی ثبت نموده است. ماهیت فعالیت این کارخانه و حسن شهرت تولیدات آن در برخی استان ها ویژه در استانهای شمالی قابل توجه می باشد و همچنین سودآوری سالیانه که خوشبختانه کماکان ادامه دارد موجب ارزش گذاری مناسبی برای این مجموعه است. همین طور ماشین آلات جدید آلمانی با ظرفیت بالا و کیفیت تولیدی بهتر که ۵ سال قبل خریداری و نصب شده اند متوانند با تولید محصولات جدید و متنوع و کیفیت بالا تر بازار مصرف را با شوک قابل توجه مواجه سازد حضور فعال وی در بازار تداوم آن در طی سالیان متمادی و نمایندگی های چندین ساله در استانهای مختلف معلوم بیانگر ارزش است. در نظر گرفتن نکات فوق و بلند نگر گرفتن در پایه که قابل قیاسی برای این کارخانه و نام نشان تجاری آن ارزش قابل توجه ایجاد نموده است. حق امتیاز و ارزش اعتبار برای این کارخانه برابر ارزش بیست و چهار میلیارد و یا ارزیابی می گردد مدیر اجرای احکام مدنی دادگستری رباط کریم حسنی
